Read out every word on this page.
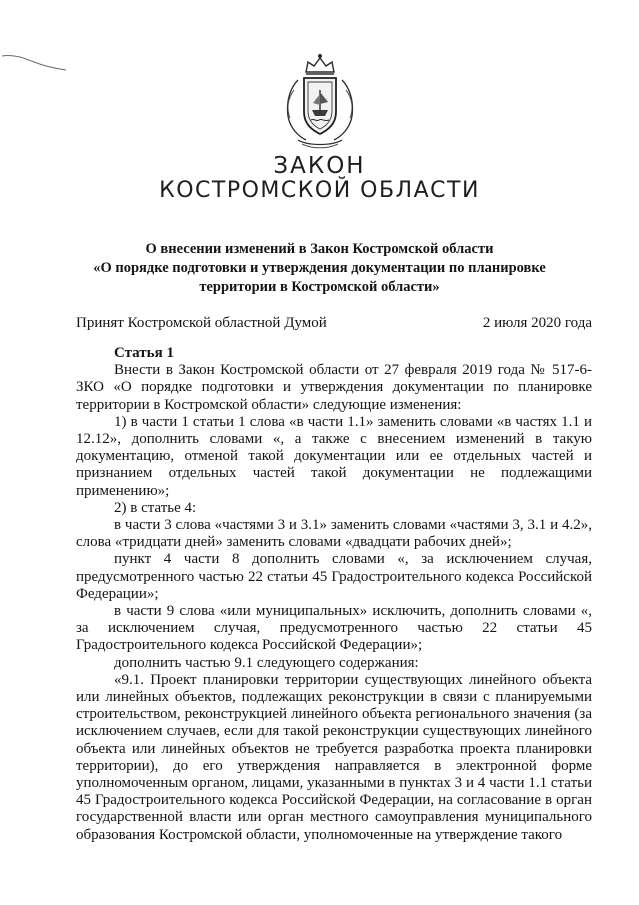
ЗАКОН
КОСТРОМСКОЙ ОБЛАСТИ
О внесении изменений в Закон Костромской области
«О порядке подготовки и утверждения документации по планировке
территории в Костромской области»
Принят Костромской областной Думой	2 июля 2020 года

Статья 1

Внести в Закон Костромской области от 27 февраля 2019 года № 517-6-ЗКО «О порядке подготовки и утверждения документации по планировке территории в Костромской области» следующие изменения:

1) в части 1 статьи 1 слова «в части 1.1» заменить словами «в частях 1.1 и 12.12», дополнить словами «, а также с внесением изменений в такую документацию, отменой такой документации или ее отдельных частей и признанием отдельных частей такой документации не подлежащими применению»;

2) в статье 4:

в части 3 слова «частями 3 и 3.1» заменить словами «частями 3, 3.1 и 4.2», слова «тридцати дней» заменить словами «двадцати рабочих дней»;

пункт 4 части 8 дополнить словами «, за исключением случая, предусмотренного частью 22 статьи 45 Градостроительного кодекса Российской Федерации»;

в части 9 слова «или муниципальных» исключить, дополнить словами «, за исключением случая, предусмотренного частью 22 статьи 45 Градостроительного кодекса Российской Федерации»;

дополнить частью 9.1 следующего содержания:

«9.1. Проект планировки территории существующих линейного объекта или линейных объектов, подлежащих реконструкции в связи с планируемыми строительством, реконструкцией линейного объекта регионального значения (за исключением случаев, если для такой реконструкции существующих линейного объекта или линейных объектов не требуется разработка проекта планировки территории), до его утверждения направляется в электронной форме уполномоченным органом, лицами, указанными в пунктах 3 и 4 части 1.1 статьи 45 Градостроительного кодекса Российской Федерации, на согласование в орган государственной власти или орган местного самоуправления муниципального образования Костромской области, уполномоченные на утверждение такого
